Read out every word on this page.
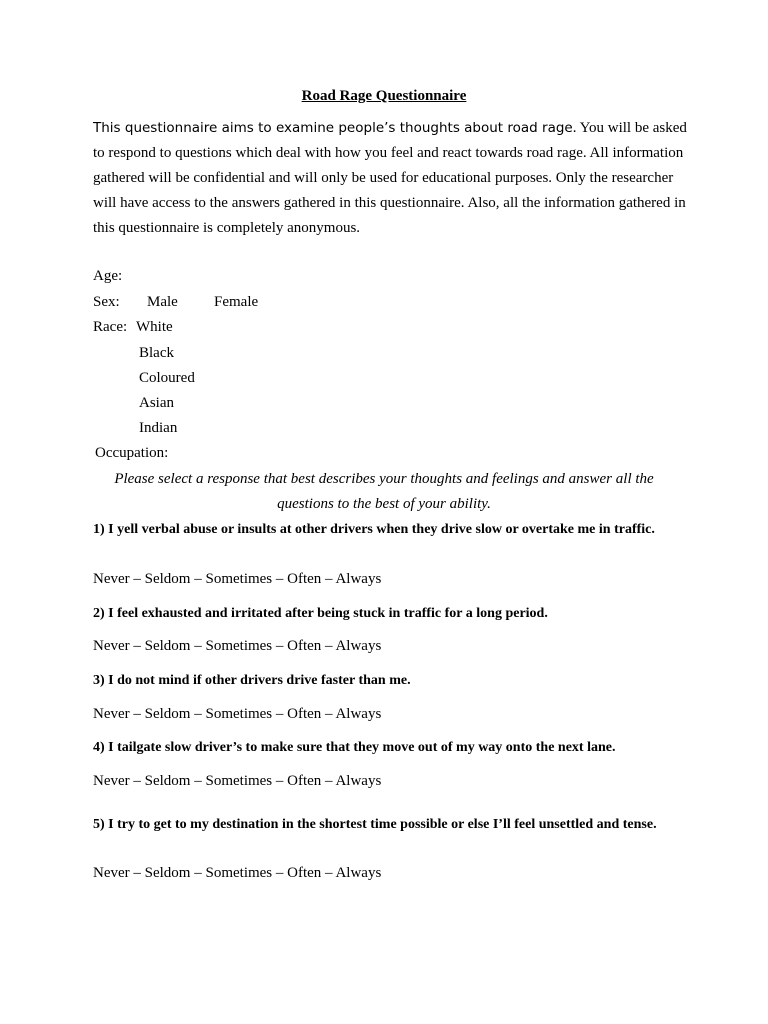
Road Rage Questionnaire
This questionnaire aims to examine people’s thoughts about road rage. You will be asked to respond to questions which deal with how you feel and react towards road rage. All information gathered will be confidential and will only be used for educational purposes. Only the researcher will have access to the answers gathered in this questionnaire. Also, all the information gathered in this questionnaire is completely anonymous.
Age:
Sex: Male Female
Race: White
Black
Coloured
Asian
Indian
Occupation:
Please select a response that best describes your thoughts and feelings and answer all the questions to the best of your ability.
1) I yell verbal abuse or insults at other drivers when they drive slow or overtake me in traffic.
Never – Seldom – Sometimes – Often – Always
2) I feel exhausted and irritated after being stuck in traffic for a long period.
Never – Seldom – Sometimes – Often – Always
3) I do not mind if other drivers drive faster than me.
Never – Seldom – Sometimes – Often – Always
4) I tailgate slow driver’s to make sure that they move out of my way onto the next lane.
Never – Seldom – Sometimes – Often – Always
5) I try to get to my destination in the shortest time possible or else I’ll feel unsettled and tense.
Never – Seldom – Sometimes – Often – Always
